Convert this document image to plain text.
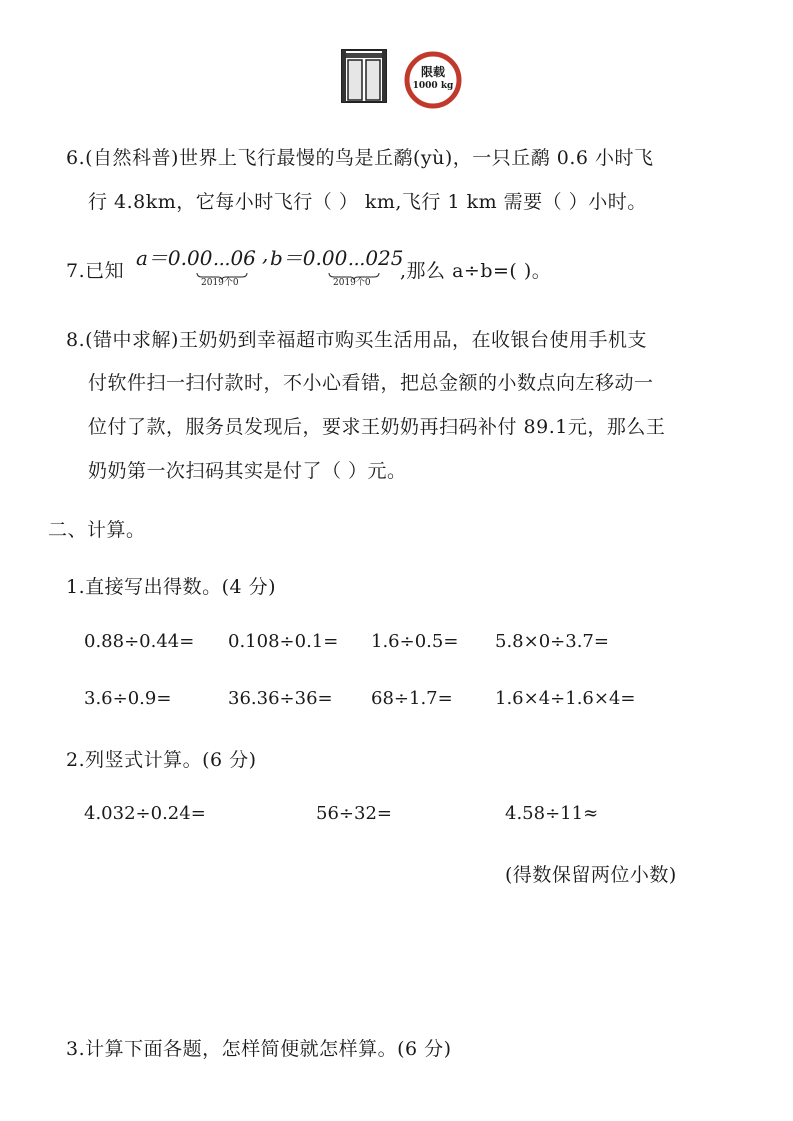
限载
1000 kg
6.(自然科普)世界上飞行最慢的鸟是丘鹬(yù)，一只丘鹬 0.6 小时飞
行 4.8km，它每小时飞行（ ） km,飞行 1 km 需要（ ）小时。
7.已知
a＝0.00⋯06
2019个0
, b＝0.00⋯025
2019个0
,那么 a÷b=( )。
8.(错中求解)王奶奶到幸福超市购买生活用品，在收银台使用手机支
付软件扫一扫付款时，不小心看错，把总金额的小数点向左移动一
位付了款，服务员发现后，要求王奶奶再扫码补付 89.1元，那么王
奶奶第一次扫码其实是付了（ ）元。
二、计算。
1.直接写出得数。(4 分)
0.88÷0.44= 0.108÷0.1= 1.6÷0.5= 5.8×0÷3.7=
3.6÷0.9=	36.36÷36= 68÷1.7= 1.6×4÷1.6×4=
2.列竖式计算。(6 分)
4.032÷0.24=	56÷32=	4.58÷11≈
(得数保留两位小数)
3.计算下面各题，怎样简便就怎样算。(6 分)
